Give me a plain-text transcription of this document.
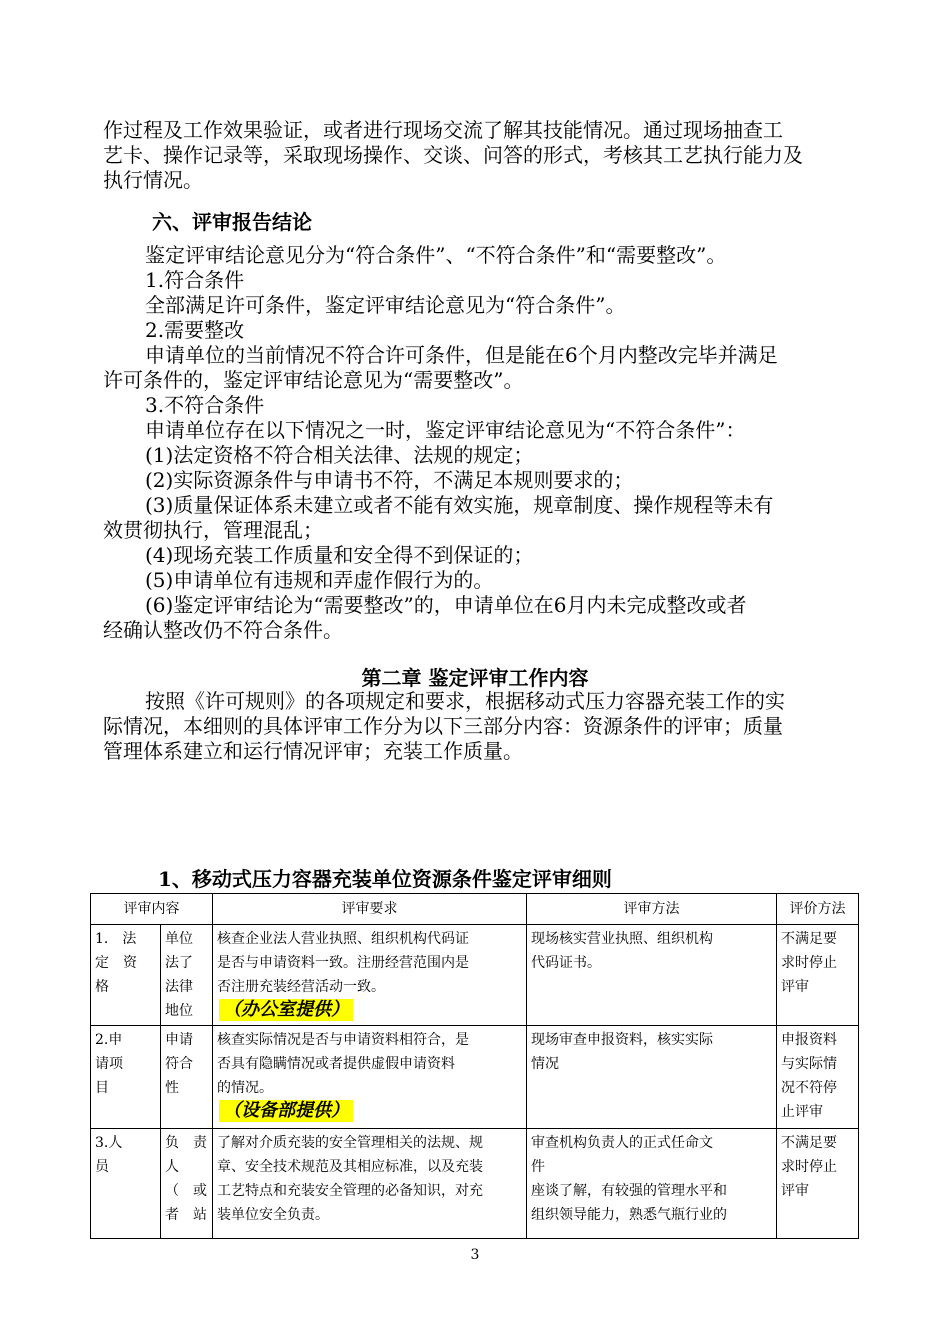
作过程及工作效果验证，或者进行现场交流了解其技能情况。通过现场抽查工
艺卡、操作记录等，采取现场操作、交谈、问答的形式，考核其工艺执行能力及
执行情况。
六、评审报告结论
鉴定评审结论意见分为“符合条件”、“不符合条件”和“需要整改”。
1.符合条件
全部满足许可条件，鉴定评审结论意见为“符合条件”。
2.需要整改
申请单位的当前情况不符合许可条件，但是能在6个月内整改完毕并满足
许可条件的，鉴定评审结论意见为“需要整改”。
3.不符合条件
申请单位存在以下情况之一时，鉴定评审结论意见为“不符合条件”：
(1)法定资格不符合相关法律、法规的规定；
(2)实际资源条件与申请书不符，不满足本规则要求的；
(3)质量保证体系未建立或者不能有效实施，规章制度、操作规程等未有
效贯彻执行，管理混乱；
(4)现场充装工作质量和安全得不到保证的；
(5)申请单位有违规和弄虚作假行为的。
(6)鉴定评审结论为“需要整改”的，申请单位在6月内未完成整改或者
经确认整改仍不符合条件。
第二章 鉴定评审工作内容
按照《许可规则》的各项规定和要求，根据移动式压力容器充装工作的实
际情况，本细则的具体评审工作分为以下三部分内容：资源条件的评审；质量
管理体系建立和运行情况评审；充装工作质量。
1、移动式压力容器充装单位资源条件鉴定评审细则
评审内容		评审要求	评审方法	评价方法

1.　法
定　资
格	单位
法了
法律
地位	核查企业法人营业执照、组织机构代码证
是否与申请资料一致。注册经营范围内是
否注册充装经营活动一致。
（办公室提供）	现场核实营业执照、组织机构
代码证书。	不满足要
求时停止
评审

2.申
请项
目	申请
符合
性	核查实际情况是否与申请资料相符合，是
否具有隐瞒情况或者提供虚假申请资料
的情况。
（设备部提供）	现场审查申报资料，核实实际
情况	申报资料
与实际情
况不符停
止评审

3.人
员	负　责
人
（　或
者　站	了解对介质充装的安全管理相关的法规、规
章、安全技术规范及其相应标准，以及充装
工艺特点和充装安全管理的必备知识，对充
装单位安全负责。	审查机构负责人的正式任命文
件
座谈了解，有较强的管理水平和
组织领导能力，熟悉气瓶行业的	不满足要
求时停止
评审
3
